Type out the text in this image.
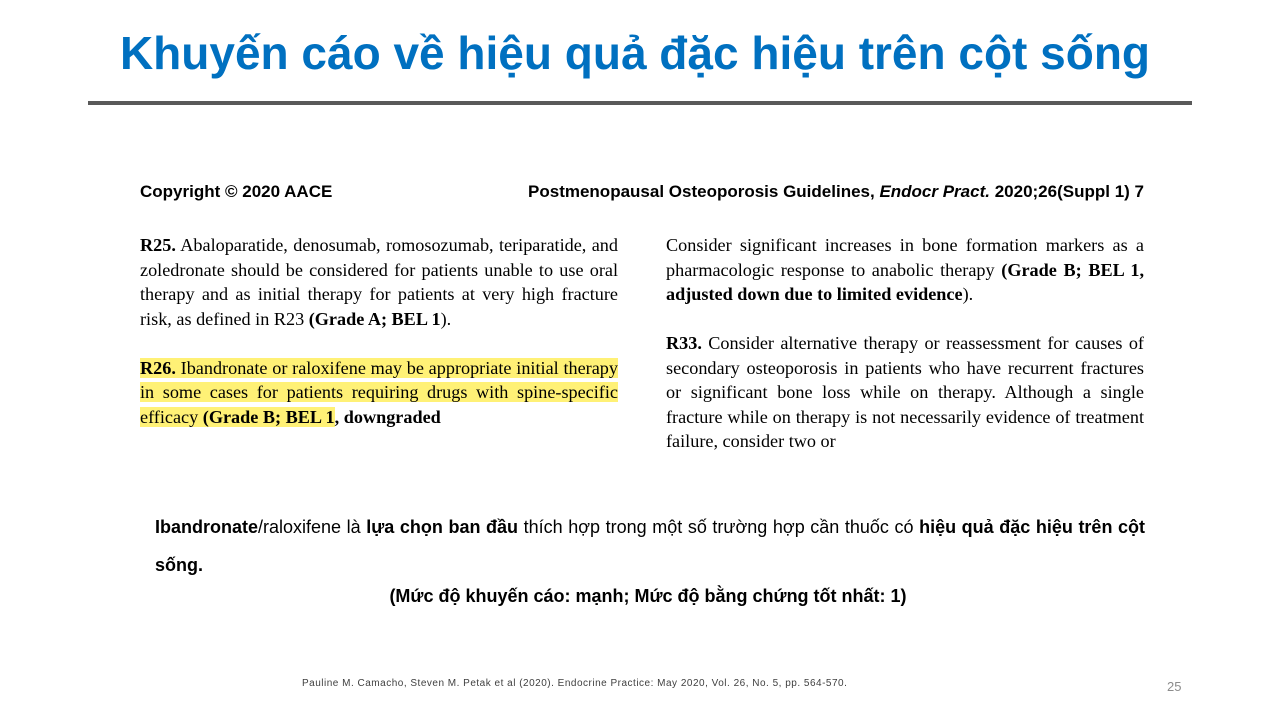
Khuyến cáo về hiệu quả đặc hiệu trên cột sống
Copyright © 2020 AACE	Postmenopausal Osteoporosis Guidelines, Endocr Pract. 2020;26(Suppl 1) 7

R25. Abaloparatide, denosumab, romosozumab, teriparatide, and zoledronate should be considered for patients unable to use oral therapy and as initial therapy for patients at very high fracture risk, as defined in R23 (Grade A; BEL 1).

R26. Ibandronate or raloxifene may be appropriate initial therapy in some cases for patients requiring drugs with spine-specific efficacy (Grade B; BEL 1, downgraded

Consider significant increases in bone formation markers as a pharmacologic response to anabolic therapy (Grade B; BEL 1, adjusted down due to limited evidence).

R33. Consider alternative therapy or reassessment for causes of secondary osteoporosis in patients who have recurrent fractures or significant bone loss while on therapy. Although a single fracture while on therapy is not necessarily evidence of treatment failure, consider two or

Ibandronate/raloxifene là lựa chọn ban đầu thích hợp trong một số trường hợp cần thuốc có hiệu quả đặc hiệu trên cột sống.
(Mức độ khuyến cáo: mạnh; Mức độ bằng chứng tốt nhất: 1)
Pauline M. Camacho, Steven M. Petak et al (2020). Endocrine Practice: May 2020, Vol. 26, No. 5, pp. 564-570.	25
